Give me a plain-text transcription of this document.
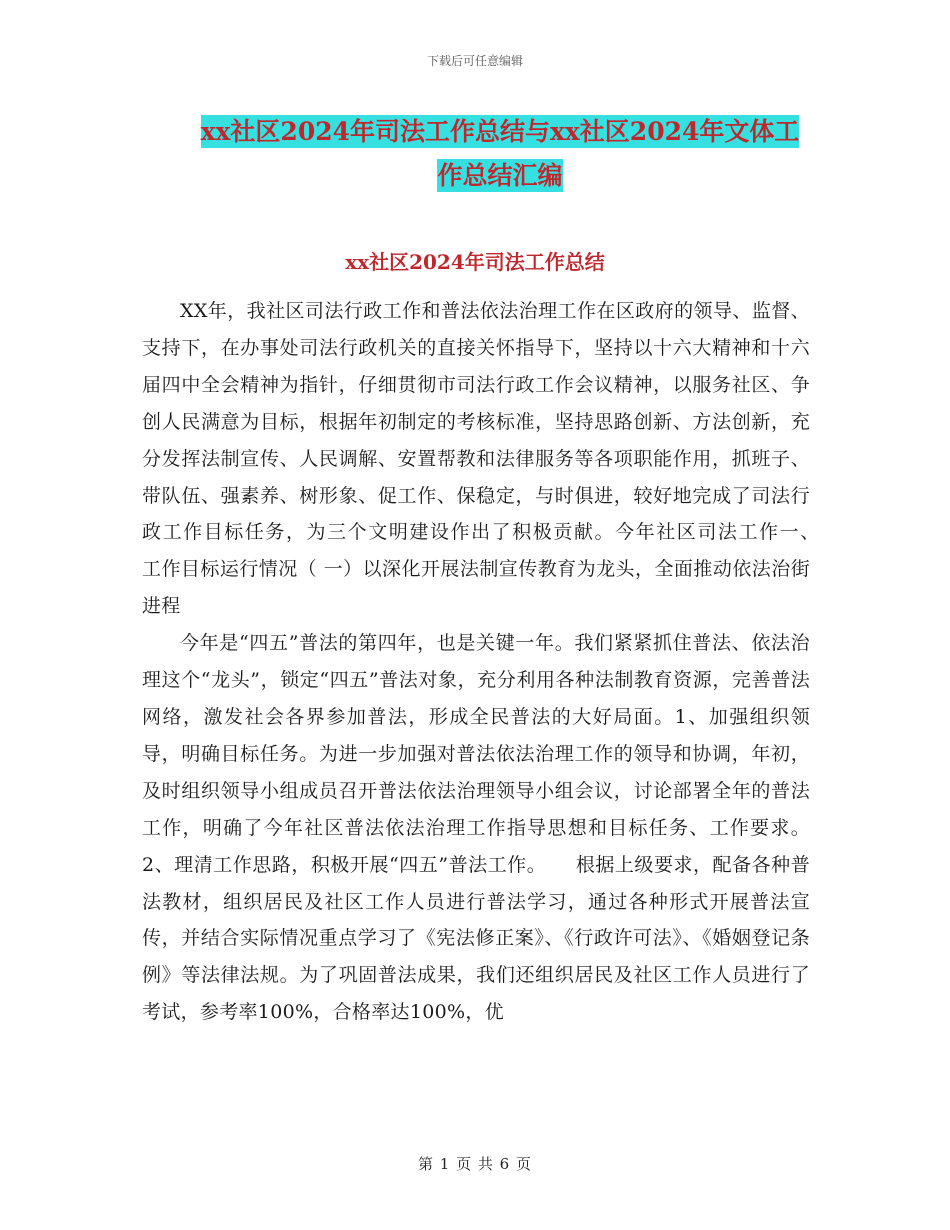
下载后可任意编辑
xx社区2024年司法工作总结与xx社区2024年文体工
作总结汇编
xx社区2024年司法工作总结

XX年，我社区司法行政工作和普法依法治理工作在区政府的领导、监督、支持下，在办事处司法行政机关的直接关怀指导下，坚持以十六大精神和十六届四中全会精神为指针，仔细贯彻市司法行政工作会议精神，以服务社区、争创人民满意为目标，根据年初制定的考核标准，坚持思路创新、方法创新，充分发挥法制宣传、人民调解、安置帮教和法律服务等各项职能作用，抓班子、带队伍、强素养、树形象、促工作、保稳定，与时俱进，较好地完成了司法行政工作目标任务，为三个文明建设作出了积极贡献。今年社区司法工作一、　　工作目标运行情况（ 一）以深化开展法制宣传教育为龙头，全面推动依法治街进程

今年是“四五”普法的第四年，也是关键一年。我们紧紧抓住普法、依法治理这个“龙头”，锁定“四五”普法对象，充分利用各种法制教育资源，完善普法网络，激发社会各界参加普法，形成全民普法的大好局面。1、加强组织领导，明确目标任务。为进一步加强对普法依法治理工作的领导和协调，年初，及时组织领导小组成员召开普法依法治理领导小组会议，讨论部署全年的普法工作，明确了今年社区普法依法治理工作指导思想和目标任务、工作要求。2、理清工作思路，积极开展“四五”普法工作。　　根据上级要求，配备各种普法教材，组织居民及社区工作人员进行普法学习，通过各种形式开展普法宣传，并结合实际情况重点学习了《宪法修正案》、《行政许可法》、《婚姻登记条例》等法律法规。为了巩固普法成果，我们还组织居民及社区工作人员进行了考试，参考率100%，合格率达100%，优

第 1 页 共 6 页
